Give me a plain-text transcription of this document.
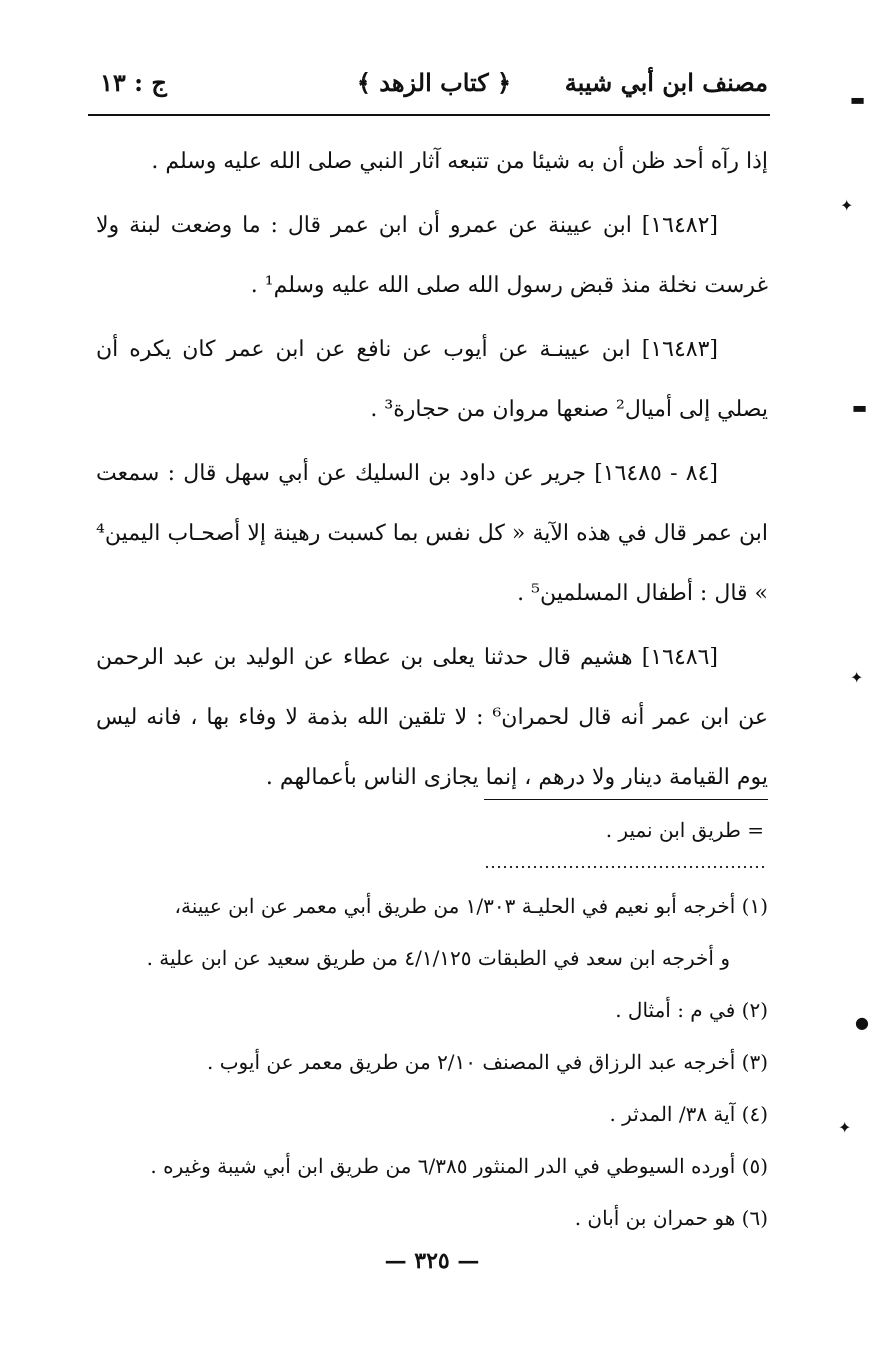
مصنف ابن أبي شيبة
﴿ كتاب الزهد ﴾
ج : ١٣

إذا رآه أحد ظن أن به شيئا من تتبعه آثار النبي صلى الله عليه وسلم .

[١٦٤٨٢] ابن عيينة عن عمرو أن ابن عمر قال : ما وضعت لبنة ولا غرست نخلة منذ قبض رسول الله صلى الله عليه وسلم¹ .

[١٦٤٨٣] ابن عيينـة عن أيوب عن نافع عن ابن عمر كان يكره أن يصلي إلى أميال² صنعها مروان من حجارة³ .

[٨٤ - ١٦٤٨٥] جرير عن داود بن السليك عن أبي سهل قال : سمعت ابن عمر قال في هذه الآية « كل نفس بما كسبت رهينة إلا أصحـاب اليمين⁴ » قال : أطفال المسلمين⁵ .

[١٦٤٨٦] هشيم قال حدثنا يعلى بن عطاء عن الوليد بن عبد الرحمن عن ابن عمر أنه قال لحمران⁶ : لا تلقين الله بذمة لا وفاء بها ، فانه ليس يوم القيامة دينار ولا درهم ، إنما يجازى الناس بأعمالهم .

= طريق ابن نمير .

(١) أخرجه أبو نعيم في الحليـة ١/٣٠٣ من طريق أبي معمر عن ابن عيينة،

و أخرجه ابن سعد في الطبقات ٤/١/١٢٥ من طريق سعيد عن ابن علية .

(٢) في م : أمثال .

(٣) أخرجه عبد الرزاق في المصنف ٢/١٠ من طريق معمر عن أيوب .

(٤) آية ٣٨/ المدثر .

(٥) أورده السيوطي في الدر المنثور ٦/٣٨٥ من طريق ابن أبي شيبة وغيره .

(٦) هو حمران بن أبان .

— ٣٢٥ —
▬
✦
▬
✦
●
✦
